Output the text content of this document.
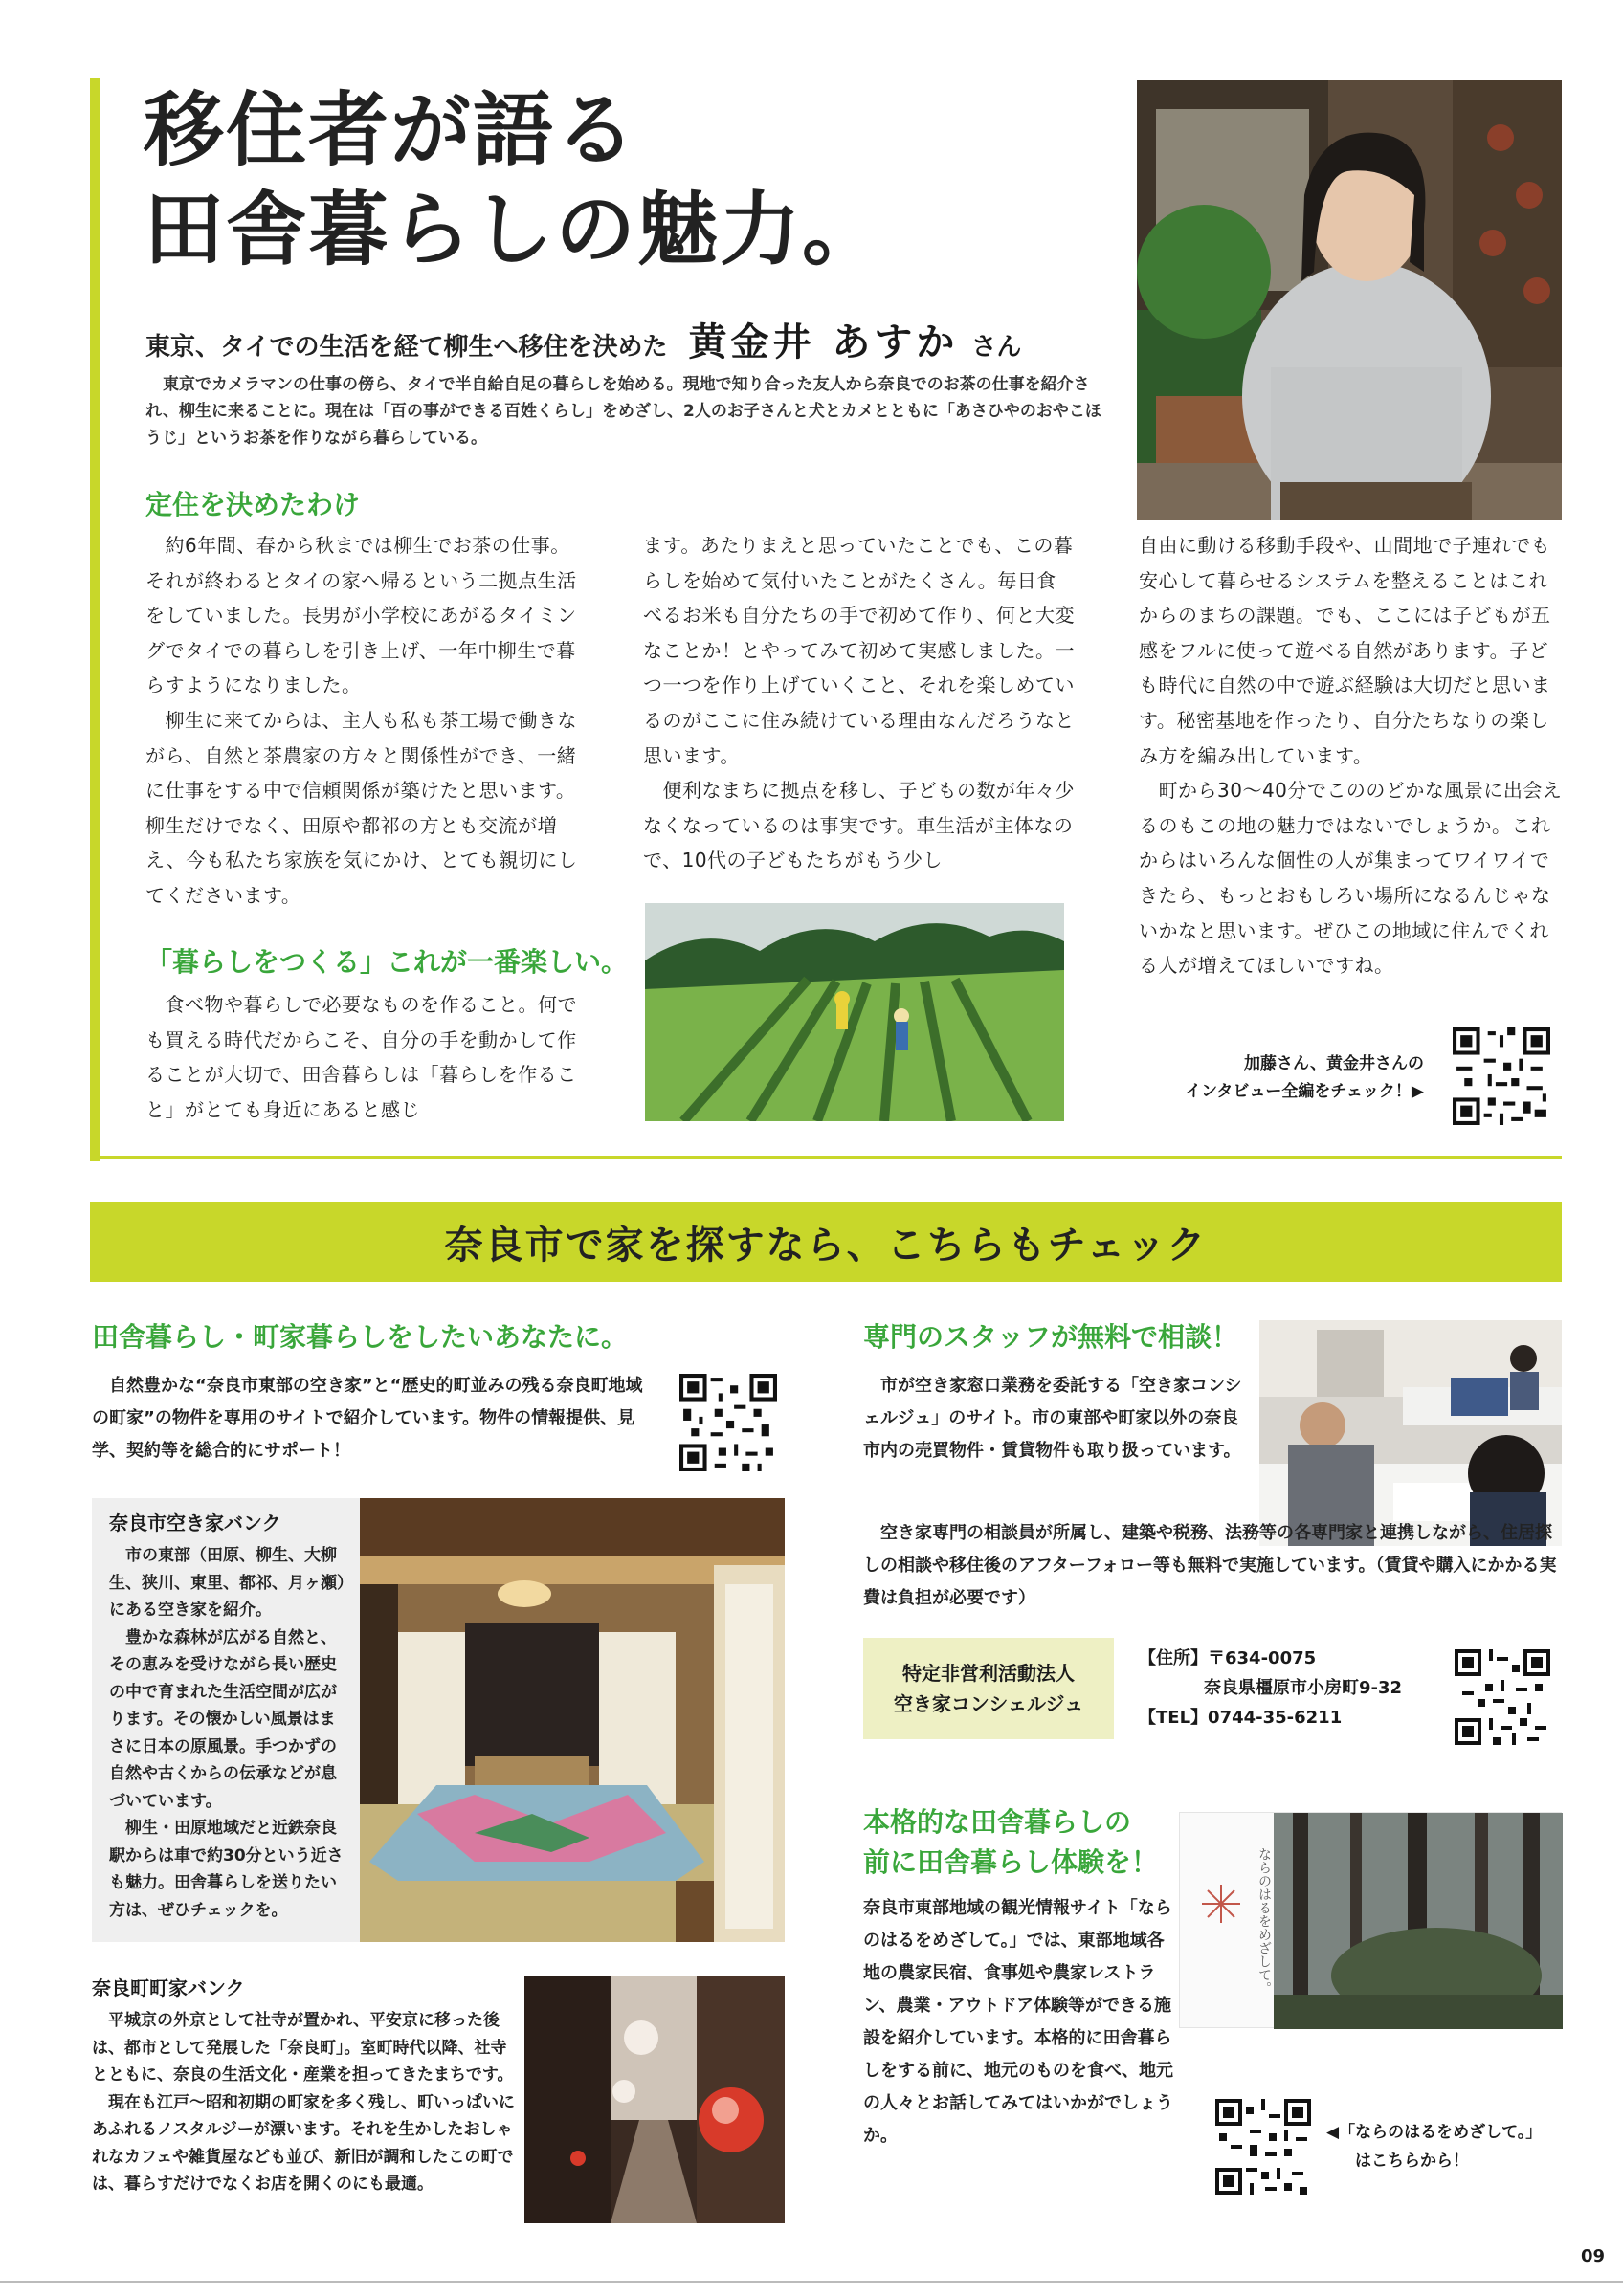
移住者が語る
田舎暮らしの魅力。
東京、タイでの生活を経て柳生へ移住を決めた 黄金井 あすか さん
東京でカメラマンの仕事の傍ら、タイで半自給自足の暮らしを始める。現地で知り合った友人から奈良でのお茶の仕事を紹介され、柳生に来ることに。現在は「百の事ができる百姓くらし」をめざし、2人のお子さんと犬とカメとともに「あさひやのおやこほうじ」というお茶を作りながら暮らしている。
定住を決めたわけ
　約6年間、春から秋までは柳生でお茶の仕事。それが終わるとタイの家へ帰るという二拠点生活をしていました。長男が小学校にあがるタイミングでタイでの暮らしを引き上げ、一年中柳生で暮らすようになりました。
　柳生に来てからは、主人も私も茶工場で働きながら、自然と茶農家の方々と関係性ができ、一緒に仕事をする中で信頼関係が築けたと思います。柳生だけでなく、田原や都祁の方とも交流が増え、今も私たち家族を気にかけ、とても親切にしてくださいます。
「暮らしをつくる」これが一番楽しい。
　食べ物や暮らしで必要なものを作ること。何でも買える時代だからこそ、自分の手を動かして作ることが大切で、田舎暮らしは「暮らしを作ること」がとても身近にあると感じ
ます。あたりまえと思っていたことでも、この暮らしを始めて気付いたことがたくさん。毎日食べるお米も自分たちの手で初めて作り、何と大変なことか！とやってみて初めて実感しました。一つ一つを作り上げていくこと、それを楽しめているのがここに住み続けている理由なんだろうなと思います。
　便利なまちに拠点を移し、子どもの数が年々少なくなっているのは事実です。車生活が主体なので、10代の子どもたちがもう少し
自由に動ける移動手段や、山間地で子連れでも安心して暮らせるシステムを整えることはこれからのまちの課題。でも、ここには子どもが五感をフルに使って遊べる自然があります。子ども時代に自然の中で遊ぶ経験は大切だと思います。秘密基地を作ったり、自分たちなりの楽しみ方を編み出しています。
　町から30〜40分でこののどかな風景に出会えるのもこの地の魅力ではないでしょうか。これからはいろんな個性の人が集まってワイワイできたら、もっとおもしろい場所になるんじゃないかなと思います。ぜひこの地域に住んでくれる人が増えてほしいですね。
加藤さん、黄金井さんの
インタビュー全編をチェック！▶
奈良市で家を探すなら、こちらもチェック
田舎暮らし・町家暮らしをしたいあなたに。
　自然豊かな“奈良市東部の空き家”と“歴史的町並みの残る奈良町地域の町家”の物件を専用のサイトで紹介しています。物件の情報提供、見学、契約等を総合的にサポート！
奈良市空き家バンク
　市の東部（田原、柳生、大柳生、狭川、東里、都祁、月ヶ瀬）にある空き家を紹介。
　豊かな森林が広がる自然と、その恵みを受けながら長い歴史の中で育まれた生活空間が広がります。その懐かしい風景はまさに日本の原風景。手つかずの自然や古くからの伝承などが息づいています。
　柳生・田原地域だと近鉄奈良駅からは車で約30分という近さも魅力。田舎暮らしを送りたい方は、ぜひチェックを。
奈良町町家バンク
　平城京の外京として社寺が置かれ、平安京に移った後は、都市として発展した「奈良町」。室町時代以降、社寺とともに、奈良の生活文化・産業を担ってきたまちです。
　現在も江戸〜昭和初期の町家を多く残し、町いっぱいにあふれるノスタルジーが漂います。それを生かしたおしゃれなカフェや雑貨屋なども並び、新旧が調和したこの町では、暮らすだけでなくお店を開くのにも最適。
専門のスタッフが無料で相談！
　市が空き家窓口業務を委託する「空き家コンシェルジュ」のサイト。市の東部や町家以外の奈良市内の売買物件・賃貸物件も取り扱っています。
　空き家専門の相談員が所属し、建築や税務、法務等の各専門家と連携しながら、住居探しの相談や移住後のアフターフォロー等も無料で実施しています。（賃貸や購入にかかる実費は負担が必要です）
特定非営利活動法人
空き家コンシェルジュ
【住所】〒634-0075
奈良県橿原市小房町9-32
【TEL】0744-35-6211
本格的な田舎暮らしの
前に田舎暮らし体験を！
奈良市東部地域の観光情報サイト「ならのはるをめざして。」では、東部地域各地の農家民宿、食事処や農家レストラン、農業・アウトドア体験等ができる施設を紹介しています。本格的に田舎暮らしをする前に、地元のものを食べ、地元の人々とお話してみてはいかがでしょうか。
ならのはるをめざして。
◀「ならのはるをめざして。」
はこちらから！
09
